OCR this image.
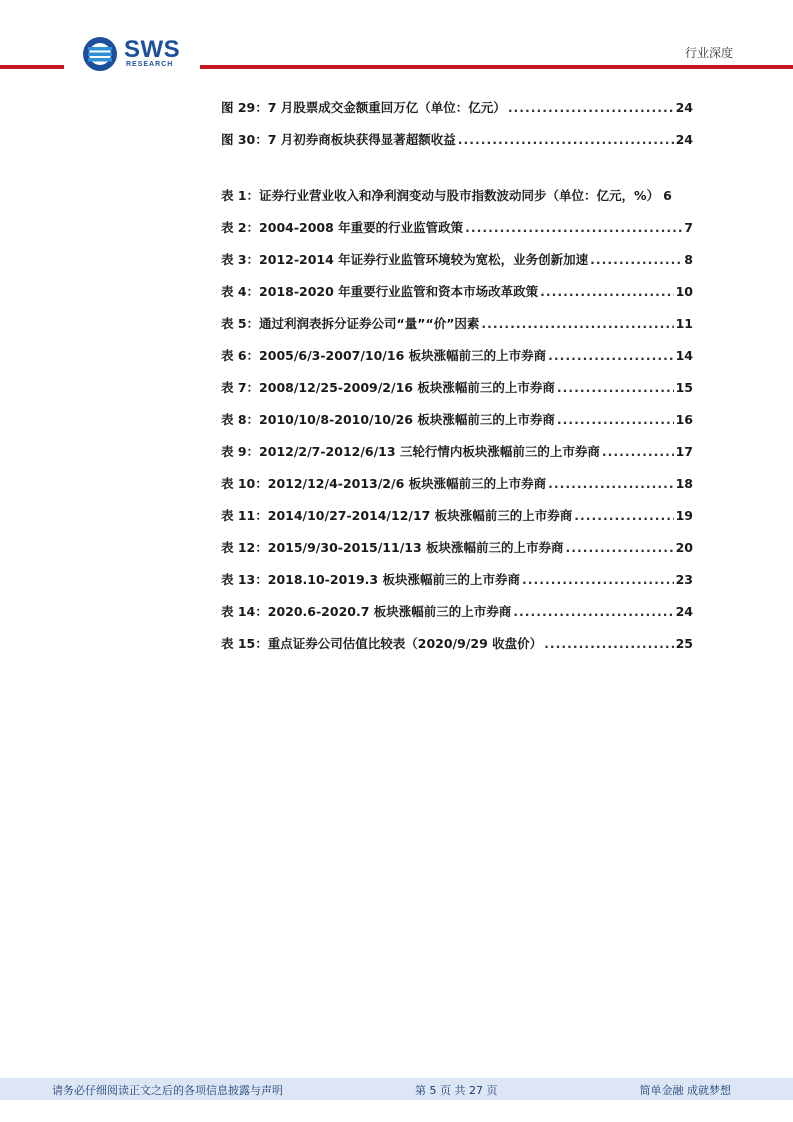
SWS
RESEARCH
行业深度
图 29：7 月股票成交金额重回万亿（单位：亿元） .....	24
图 30：7 月初券商板块获得显著超额收益 .....	24
表 1：证券行业营业收入和净利润变动与股市指数波动同步（单位：亿元，%） 6
表 2：2004-2008 年重要的行业监管政策 .....	7
表 3：2012-2014 年证券行业监管环境较为宽松，业务创新加速 .....	8
表 4：2018-2020 年重要行业监管和资本市场改革政策 .....	10
表 5：通过利润表拆分证券公司“量”“价”因素 .....	11
表 6：2005/6/3-2007/10/16 板块涨幅前三的上市券商 .....	14
表 7：2008/12/25-2009/2/16 板块涨幅前三的上市券商 .....	15
表 8：2010/10/8-2010/10/26 板块涨幅前三的上市券商 .....	16
表 9：2012/2/7-2012/6/13 三轮行情内板块涨幅前三的上市券商 .....	17
表 10：2012/12/4-2013/2/6 板块涨幅前三的上市券商 .....	18
表 11：2014/10/27-2014/12/17 板块涨幅前三的上市券商 .....	19
表 12：2015/9/30-2015/11/13 板块涨幅前三的上市券商 .....	20
表 13：2018.10-2019.3 板块涨幅前三的上市券商 .....	23
表 14：2020.6-2020.7 板块涨幅前三的上市券商 .....	24
表 15：重点证券公司估值比较表（2020/9/29 收盘价） .....	25
请务必仔细阅读正文之后的各项信息披露与声明	第 5 页 共 27 页	简单金融 成就梦想
